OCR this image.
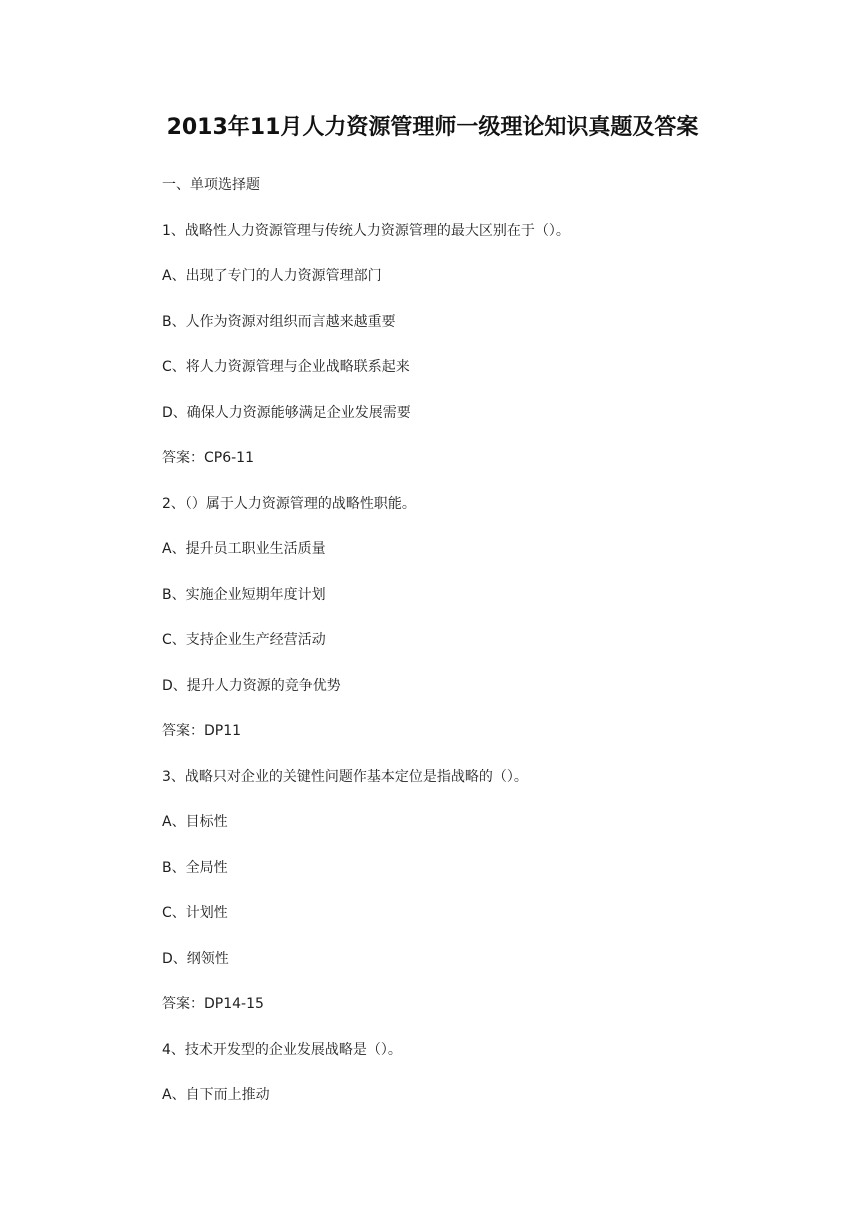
2013年11月人力资源管理师一级理论知识真题及答案
一、单项选择题
1、战略性人力资源管理与传统人力资源管理的最大区别在于（）。
A、出现了专门的人力资源管理部门
B、人作为资源对组织而言越来越重要
C、将人力资源管理与企业战略联系起来
D、确保人力资源能够满足企业发展需要
答案：CP6-11
2、（）属于人力资源管理的战略性职能。
A、提升员工职业生活质量
B、实施企业短期年度计划
C、支持企业生产经营活动
D、提升人力资源的竞争优势
答案：DP11
3、战略只对企业的关键性问题作基本定位是指战略的（）。
A、目标性
B、全局性
C、计划性
D、纲领性
答案：DP14-15
4、技术开发型的企业发展战略是（）。
A、自下而上推动
